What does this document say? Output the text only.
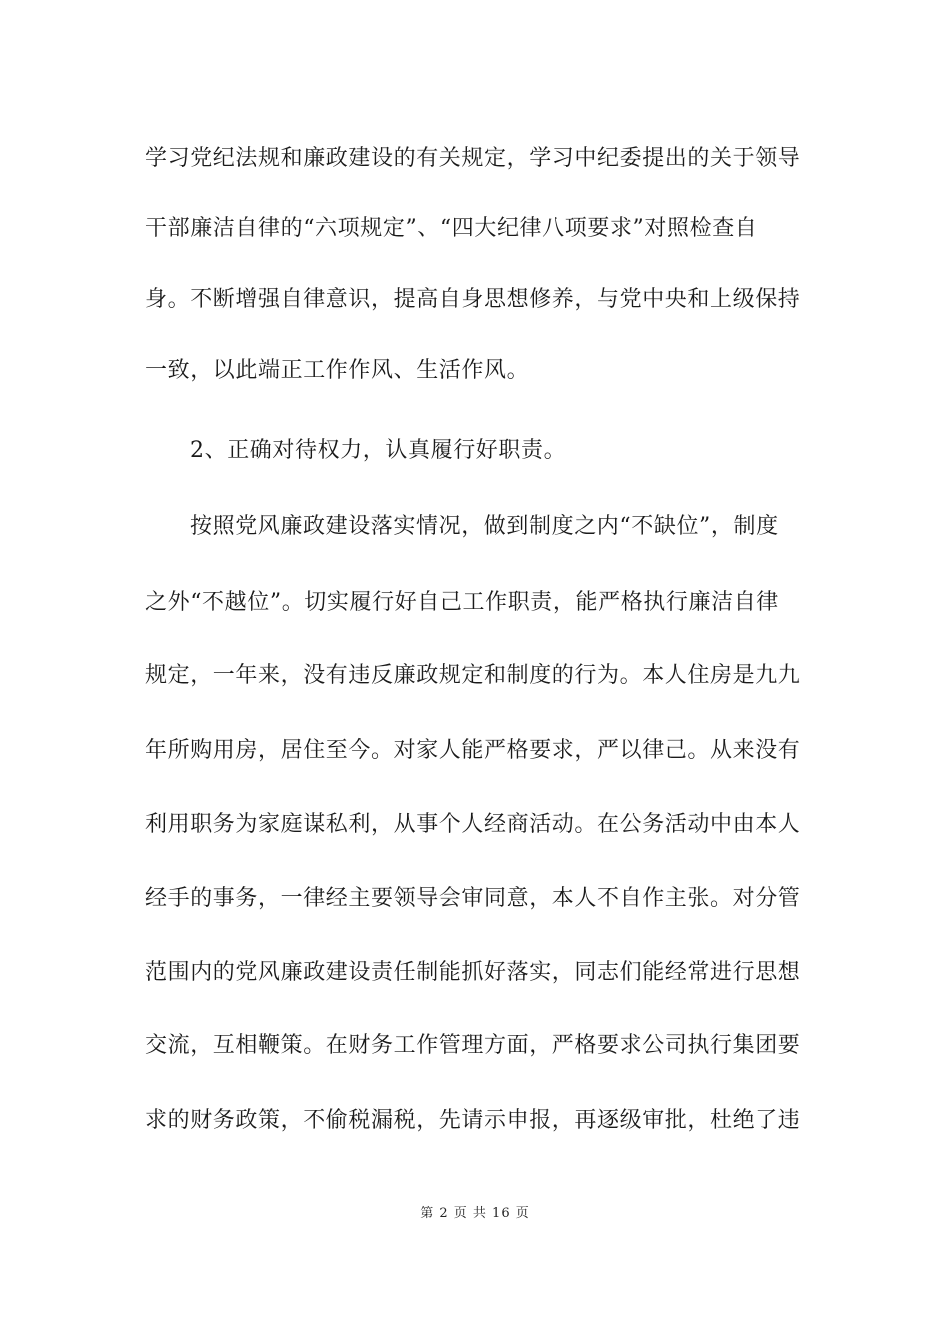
学习党纪法规和廉政建设的有关规定，学习中纪委提出的关于领导
干部廉洁自律的“六项规定”、“四大纪律八项要求”对照检查自
身。不断增强自律意识，提高自身思想修养，与党中央和上级保持
一致，以此端正工作作风、生活作风。
2、正确对待权力，认真履行好职责。
按照党风廉政建设落实情况，做到制度之内“不缺位”，制度
之外“不越位”。切实履行好自己工作职责，能严格执行廉洁自律
规定，一年来，没有违反廉政规定和制度的行为。本人住房是九九
年所购用房，居住至今。对家人能严格要求，严以律己。从来没有
利用职务为家庭谋私利，从事个人经商活动。在公务活动中由本人
经手的事务，一律经主要领导会审同意，本人不自作主张。对分管
范围内的党风廉政建设责任制能抓好落实，同志们能经常进行思想
交流，互相鞭策。在财务工作管理方面，严格要求公司执行集团要
求的财务政策，不偷税漏税，先请示申报，再逐级审批，杜绝了违
第 2 页 共 16 页
